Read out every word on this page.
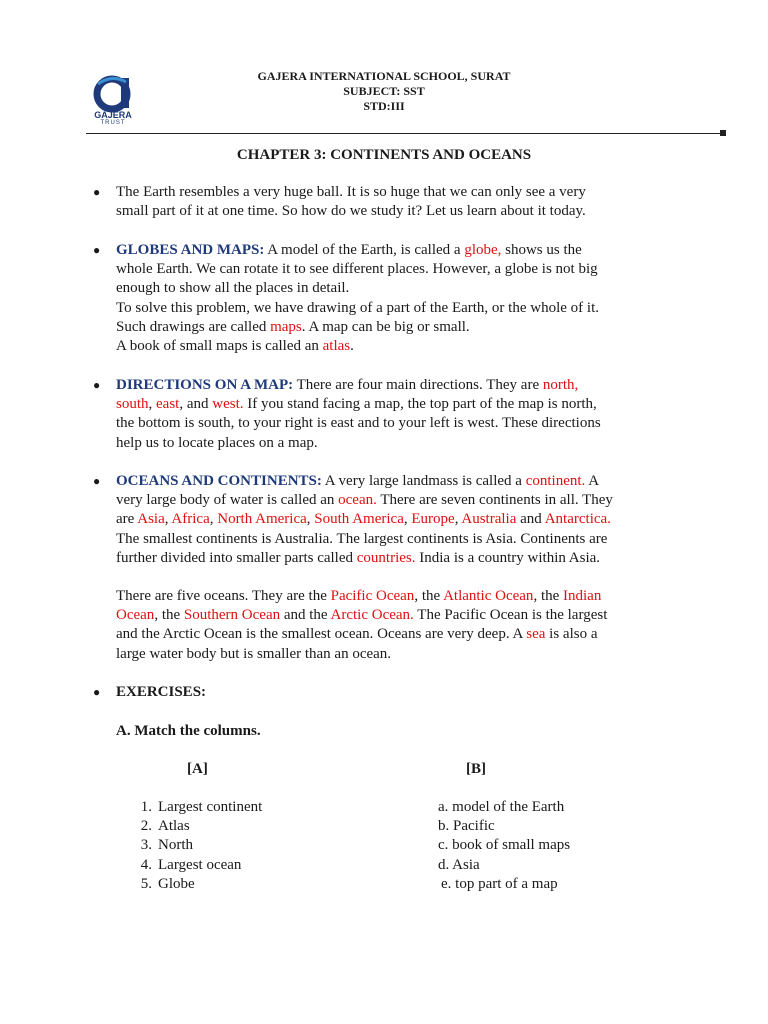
GAJERA
TRUST
GAJERA INTERNATIONAL SCHOOL, SURAT
SUBJECT: SST
STD:III
CHAPTER 3: CONTINENTS AND OCEANS
● The Earth resembles a very huge ball. It is so huge that we can only see a very
small part of it at one time. So how do we study it? Let us learn about it today.
● GLOBES AND MAPS: A model of the Earth, is called a globe, shows us the
whole Earth. We can rotate it to see different places. However, a globe is not big
enough to show all the places in detail.
To solve this problem, we have drawing of a part of the Earth, or the whole of it.
Such drawings are called maps. A map can be big or small.
A book of small maps is called an atlas.
● DIRECTIONS ON A MAP: There are four main directions. They are north,
south, east, and west. If you stand facing a map, the top part of the map is north,
the bottom is south, to your right is east and to your left is west. These directions
help us to locate places on a map.
● OCEANS AND CONTINENTS: A very large landmass is called a continent. A
very large body of water is called an ocean. There are seven continents in all. They
are Asia, Africa, North America, South America, Europe, Australia and Antarctica.
The smallest continents is Australia. The largest continents is Asia. Continents are
further divided into smaller parts called countries. India is a country within Asia.
There are five oceans. They are the Pacific Ocean, the Atlantic Ocean, the Indian
Ocean, the Southern Ocean and the Arctic Ocean. The Pacific Ocean is the largest
and the Arctic Ocean is the smallest ocean. Oceans are very deep. A sea is also a
large water body but is smaller than an ocean.
● EXERCISES:
A. Match the columns.
[A]	[B]
1. Largest continent
2. Atlas
3. North
4. Largest ocean
5. Globe
a. model of the Earth
b. Pacific
c. book of small maps
d. Asia
e. top part of a map
